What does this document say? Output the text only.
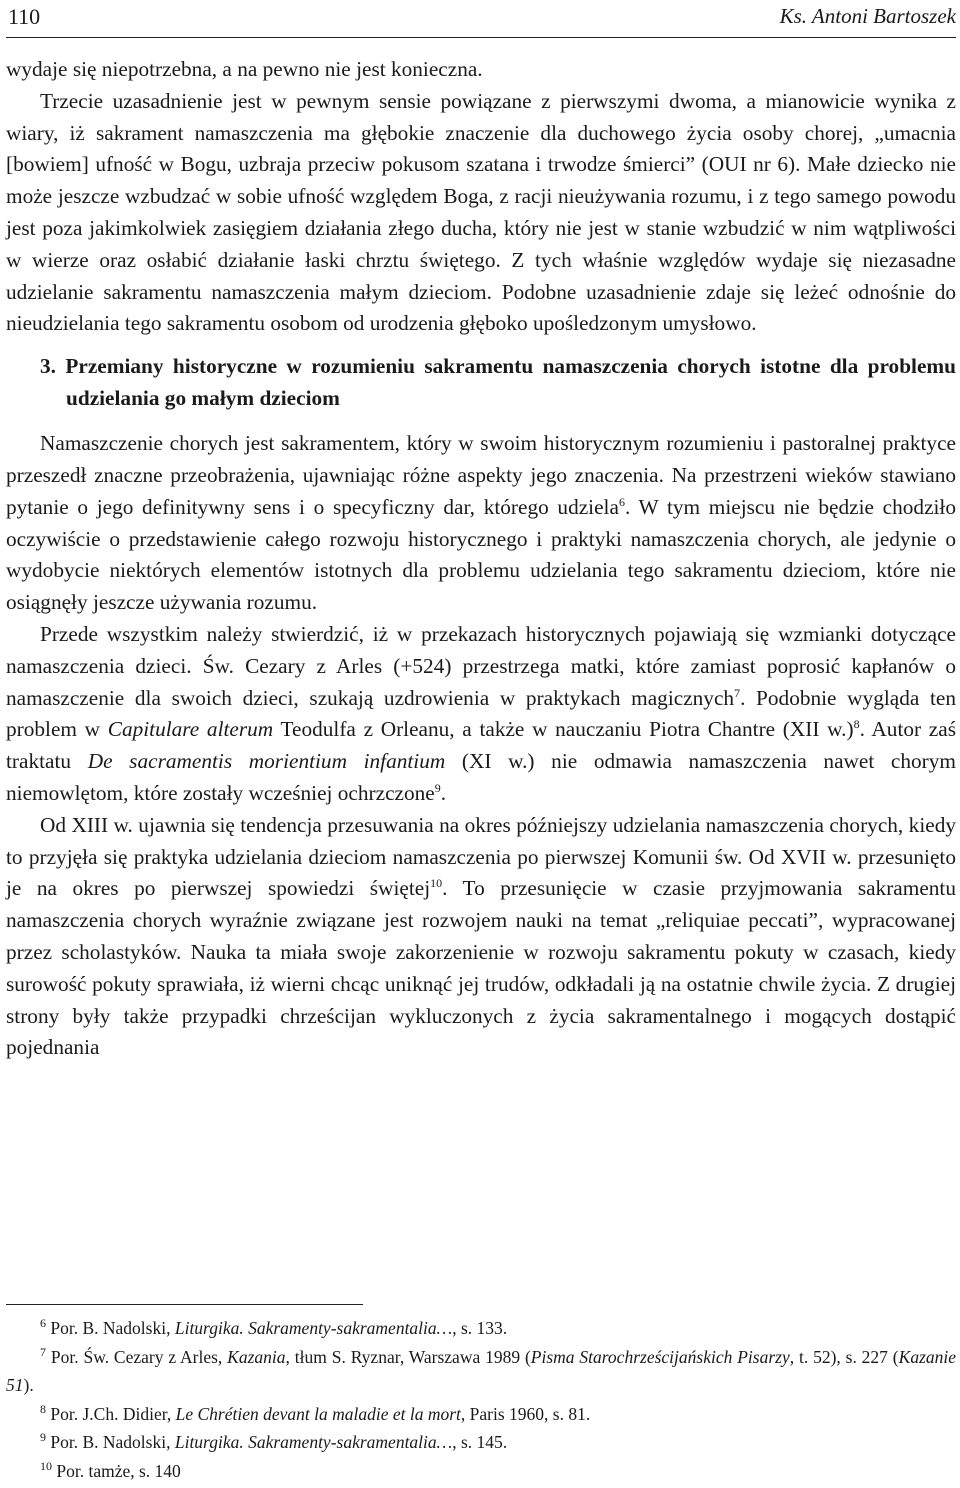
110	Ks. Antoni Bartoszek

wydaje się niepotrzebna, a na pewno nie jest konieczna.

Trzecie uzasadnienie jest w pewnym sensie powiązane z pierwszymi dwoma, a mianowicie wynika z wiary, iż sakrament namaszczenia ma głębokie znaczenie dla duchowego życia osoby chorej, „umacnia [bowiem] ufność w Bogu, uzbraja przeciw pokusom szatana i trwodze śmierci” (OUI nr 6). Małe dziecko nie może jeszcze wzbudzać w sobie ufność względem Boga, z racji nieużywania rozumu, i z tego samego powodu jest poza jakimkolwiek zasięgiem działania złego ducha, który nie jest w stanie wzbudzić w nim wątpliwości w wierze oraz osłabić działanie łaski chrztu świętego. Z tych właśnie względów wydaje się niezasadne udzielanie sakramentu namaszczenia małym dzieciom. Podobne uzasadnienie zdaje się leżeć odnośnie do nieudzielania tego sakramentu osobom od urodzenia głęboko upośledzonym umysłowo.

3. Przemiany historyczne w rozumieniu sakramentu namaszczenia chorych istotne dla problemu udzielania go małym dzieciom

Namaszczenie chorych jest sakramentem, który w swoim historycznym rozumieniu i pastoralnej praktyce przeszedł znaczne przeobrażenia, ujawniając różne aspekty jego znaczenia. Na przestrzeni wieków stawiano pytanie o jego definitywny sens i o specyficzny dar, którego udziela$^6$. W tym miejscu nie będzie chodziło oczywiście o przedstawienie całego rozwoju historycznego i praktyki namaszczenia chorych, ale jedynie o wydobycie niektórych elementów istotnych dla problemu udzielania tego sakramentu dzieciom, które nie osiągnęły jeszcze używania rozumu.

Przede wszystkim należy stwierdzić, iż w przekazach historycznych pojawiają się wzmianki dotyczące namaszczenia dzieci. Św. Cezary z Arles (+524) przestrzega matki, które zamiast poprosić kapłanów o namaszczenie dla swoich dzieci, szukają uzdrowienia w praktykach magicznych$^7$. Podobnie wygląda ten problem w Capitulare alterum Teodulfa z Orleanu, a także w nauczaniu Piotra Chantre (XII w.)$^8$. Autor zaś traktatu De sacramentis morientium infantium (XI w.) nie odmawia namaszczenia nawet chorym niemowlętom, które zostały wcześniej ochrzczone$^9$.

Od XIII w. ujawnia się tendencja przesuwania na okres późniejszy udzielania namaszczenia chorych, kiedy to przyjęła się praktyka udzielania dzieciom namaszczenia po pierwszej Komunii św. Od XVII w. przesunięto je na okres po pierwszej spowiedzi świętej$^{10}$. To przesunięcie w czasie przyjmowania sakramentu namaszczenia chorych wyraźnie związane jest rozwojem nauki na temat „reliquiae peccati”, wypracowanej przez scholastyków. Nauka ta miała swoje zakorzenienie w rozwoju sakramentu pokuty w czasach, kiedy surowość pokuty sprawiała, iż wierni chcąc uniknąć jej trudów, odkładali ją na ostatnie chwile życia. Z drugiej strony były także przypadki chrześcijan wykluczonych z życia sakramentalnego i mogących dostąpić pojednania

$^6$ Por. B. Nadolski, Liturgika. Sakramenty-sakramentalia…, s. 133.

$^7$ Por. Św. Cezary z Arles, Kazania, tłum S. Ryznar, Warszawa 1989 (Pisma Starochrześcijańskich Pisarzy, t. 52), s. 227 (Kazanie 51).

$^8$ Por. J.Ch. Didier, Le Chrétien devant la maladie et la mort, Paris 1960, s. 81.

$^9$ Por. B. Nadolski, Liturgika. Sakramenty-sakramentalia…, s. 145.

$^{10}$ Por. tamże, s. 140
